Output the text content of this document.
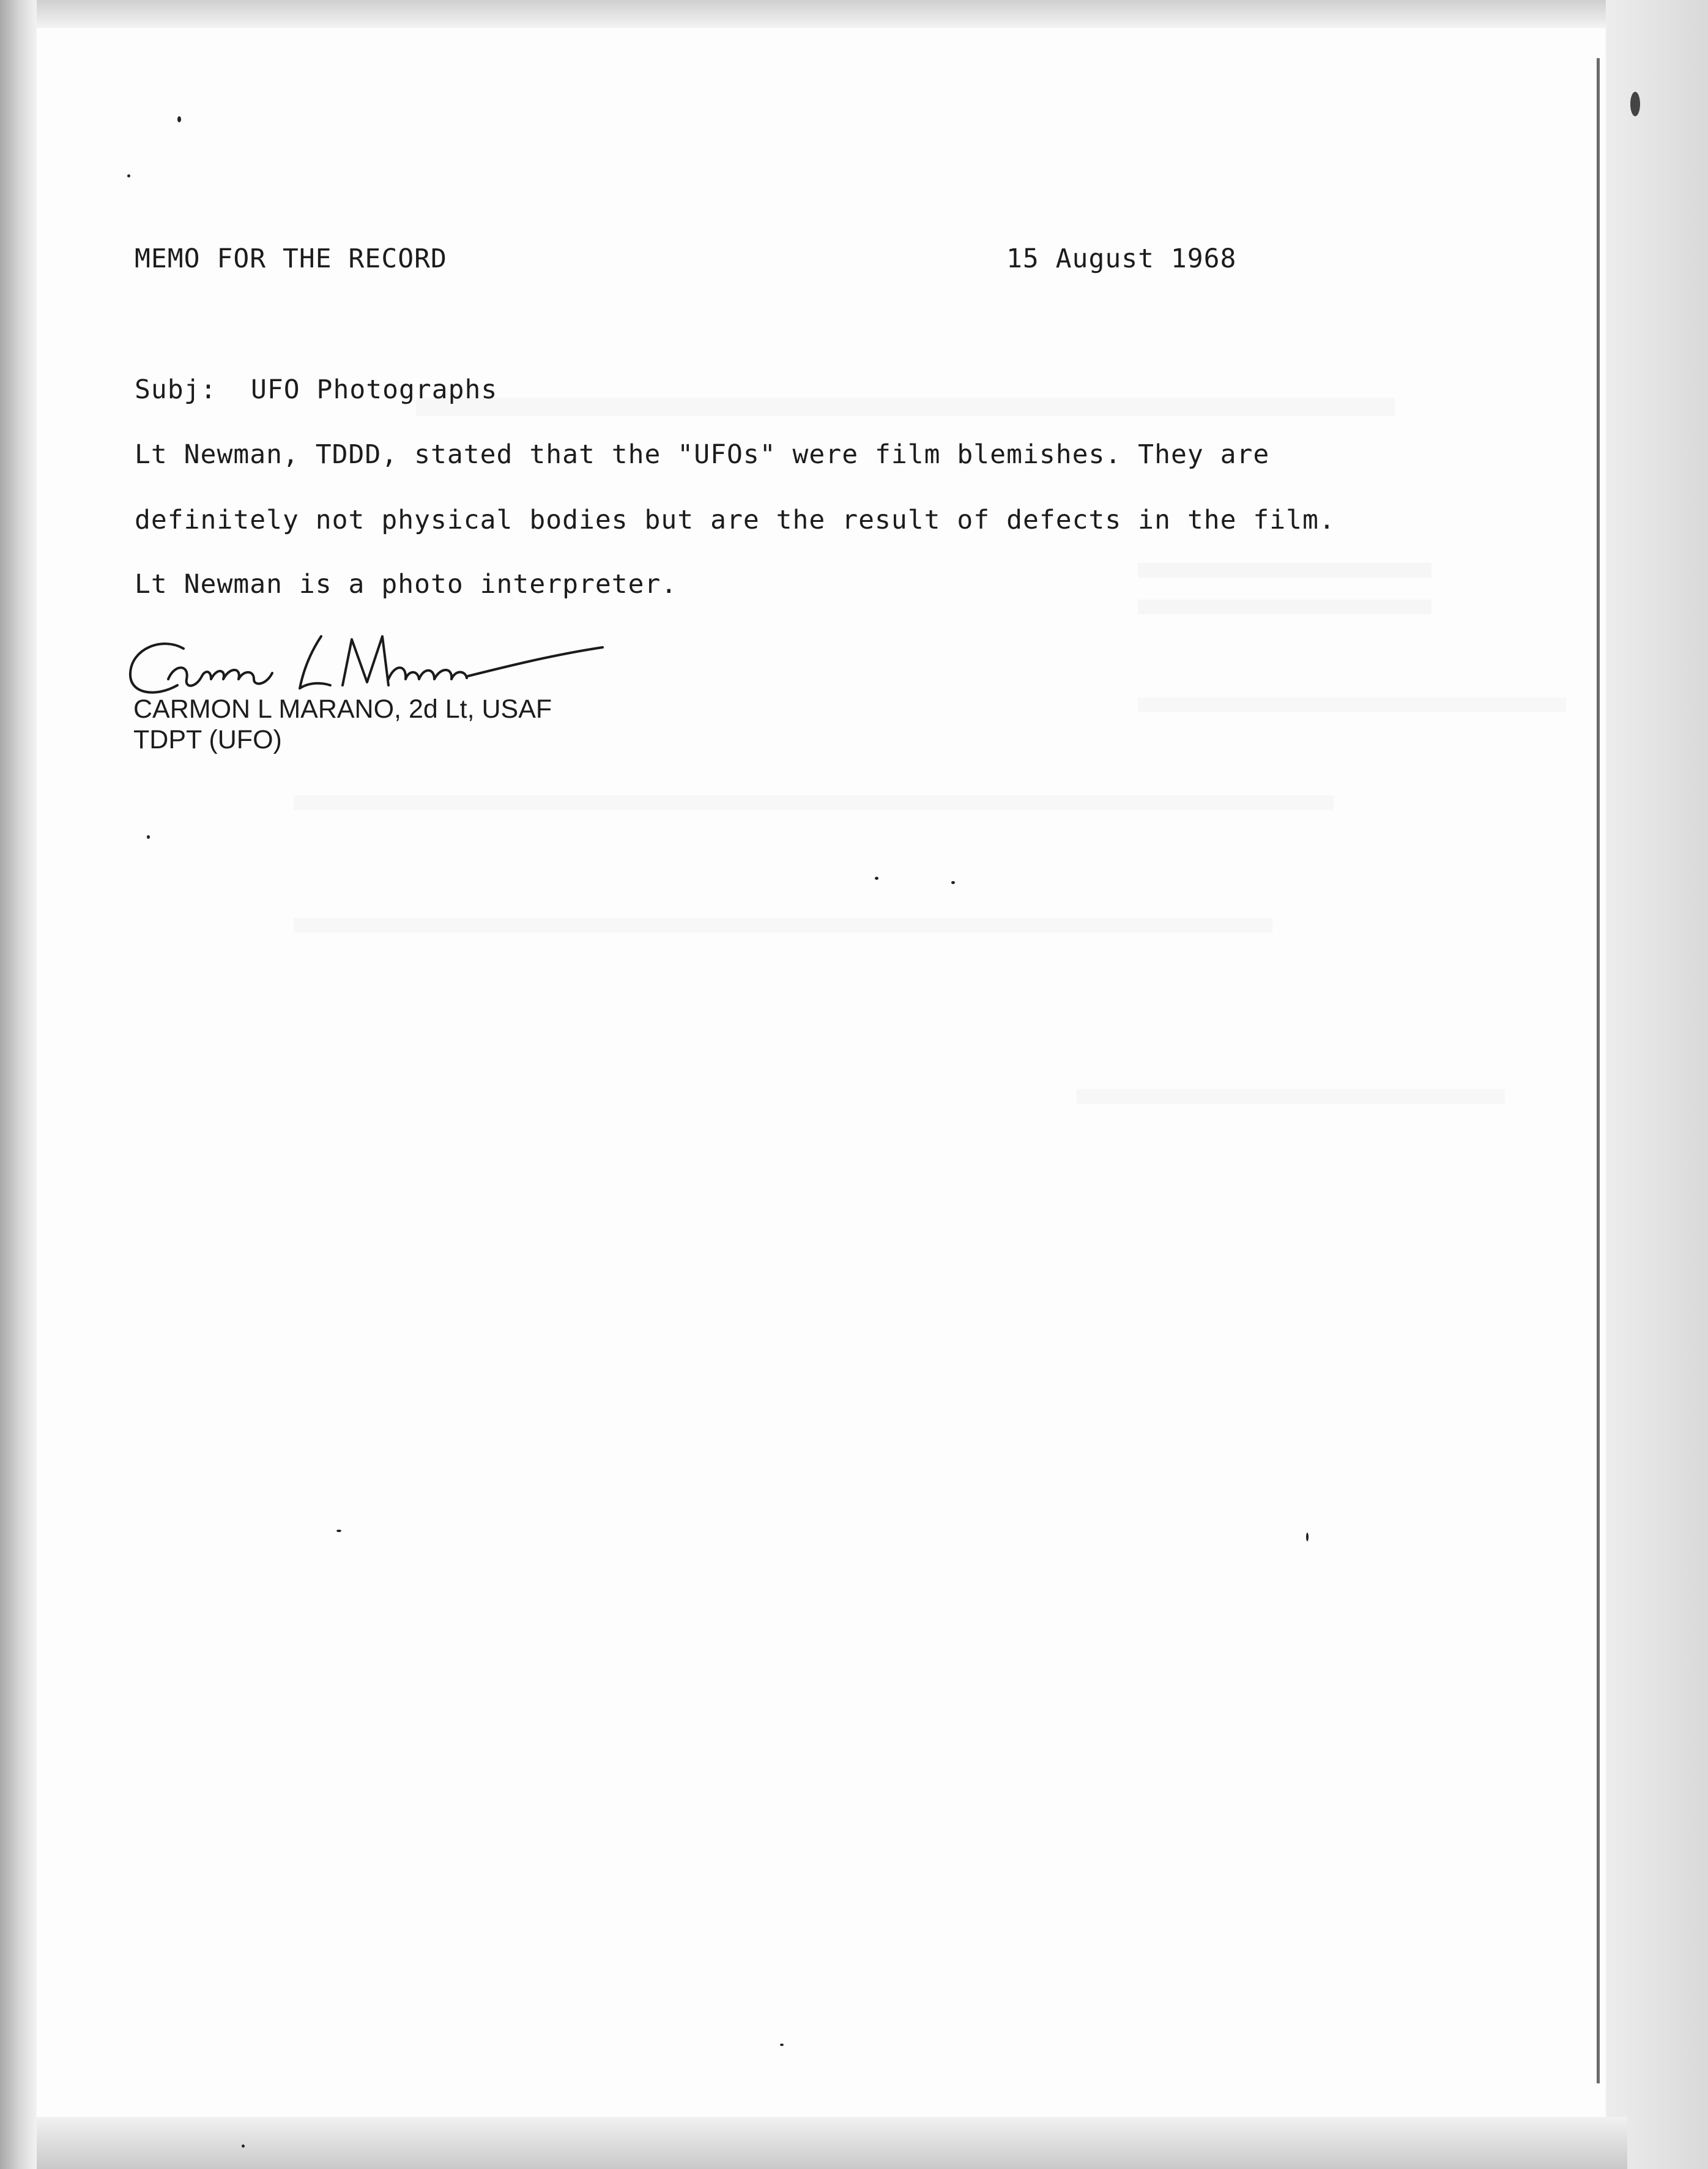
MEMO FOR THE RECORD	15 August 1968
Subj: UFO Photographs
Lt Newman, TDDD, stated that the "UFOs" were film blemishes. They are
definitely not physical bodies but are the result of defects in the film.
Lt Newman is a photo interpreter.
CARMON L MARANO, 2d Lt, USAF
TDPT (UFO)
